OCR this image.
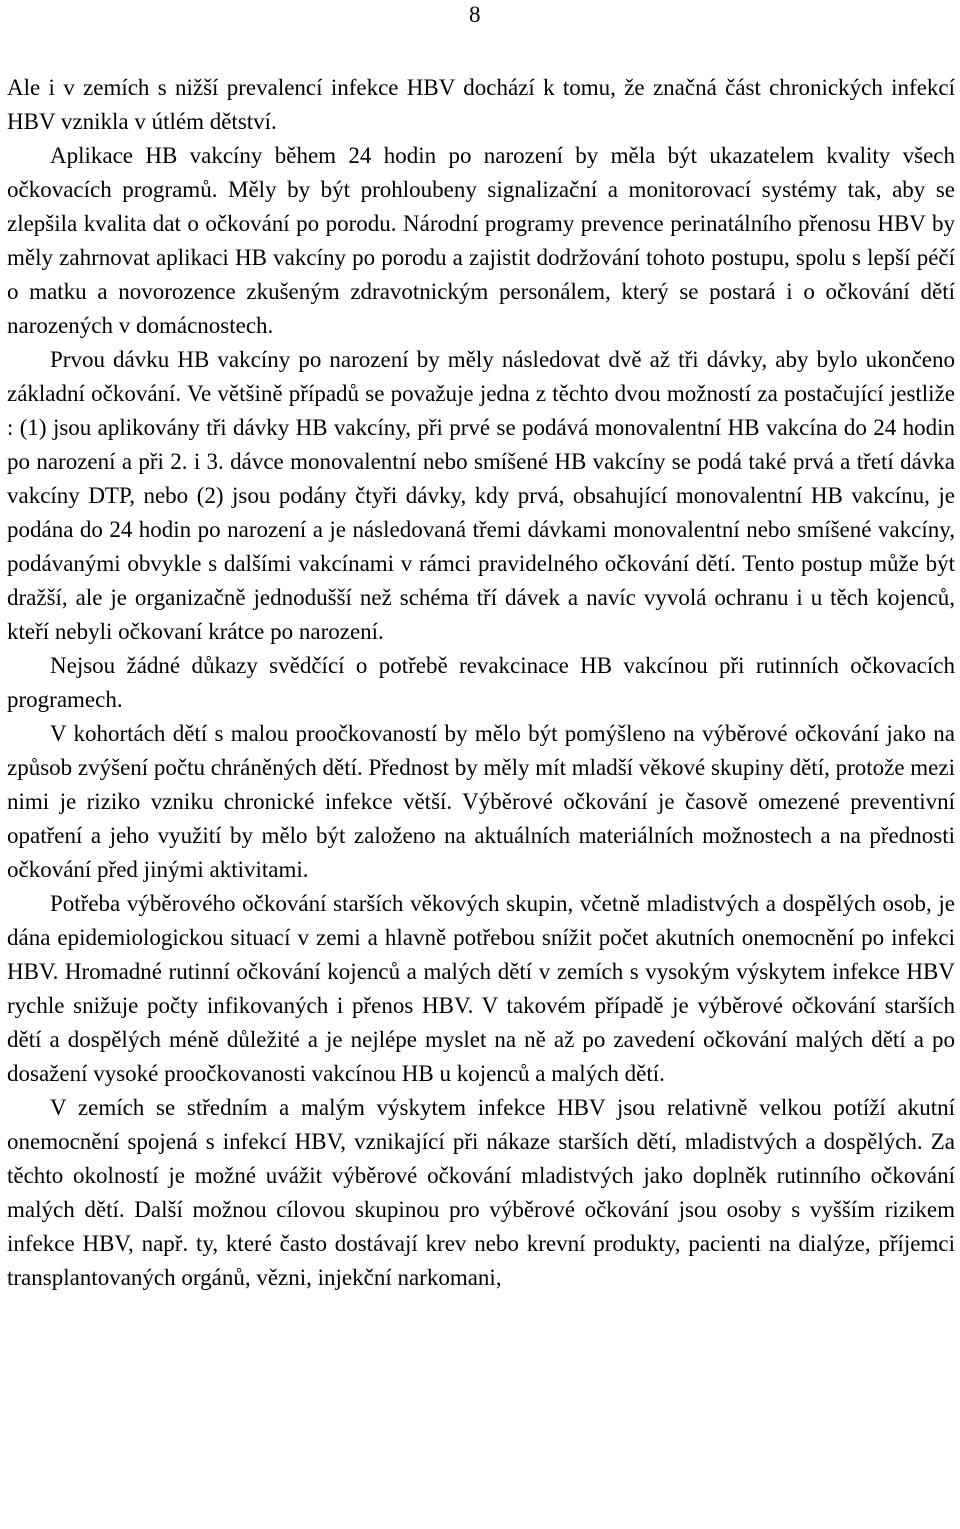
8

Ale i v zemích s nižší prevalencí infekce HBV dochází k tomu, že značná část chronických infekcí HBV vznikla v útlém dětství.

Aplikace HB vakcíny během 24 hodin po narození by měla být ukazatelem kvality všech očkovacích programů. Měly by být prohloubeny signalizační a monitorovací systémy tak, aby se zlepšila kvalita dat o očkování po porodu. Národní programy prevence perinatálního přenosu HBV by měly zahrnovat aplikaci HB vakcíny po porodu a zajistit dodržování tohoto postupu, spolu s lepší péčí o matku a novorozence zkušeným zdravotnickým personálem, který se postará i o očkování dětí narozených v domácnostech.

Prvou dávku HB vakcíny po narození by měly následovat dvě až tři dávky, aby bylo ukončeno základní očkování. Ve většině případů se považuje jedna z těchto dvou možností za postačující jestliže : (1) jsou aplikovány tři dávky HB vakcíny, při prvé se podává monovalentní HB vakcína do 24 hodin po narození a při 2. i 3. dávce monovalentní nebo smíšené HB vakcíny se podá také prvá a třetí dávka vakcíny DTP, nebo (2) jsou podány čtyři dávky, kdy prvá, obsahující monovalentní HB vakcínu, je podána do 24 hodin po narození a je následovaná třemi dávkami monovalentní nebo smíšené vakcíny, podávanými obvykle s dalšími vakcínami v rámci pravidelného očkování dětí. Tento postup může být dražší, ale je organizačně jednodušší než schéma tří dávek a navíc vyvolá ochranu i u těch kojenců, kteří nebyli očkovaní krátce po narození.

Nejsou žádné důkazy svědčící o potřebě revakcinace HB vakcínou při rutinních očkovacích programech.

V kohortách dětí s malou proočkovaností by mělo být pomýšleno na výběrové očkování jako na způsob zvýšení počtu chráněných dětí. Přednost by měly mít mladší věkové skupiny dětí, protože mezi nimi je riziko vzniku chronické infekce větší. Výběrové očkování je časově omezené preventivní opatření a jeho využití by mělo být založeno na aktuálních materiálních možnostech a na přednosti očkování před jinými aktivitami.

Potřeba výběrového očkování starších věkových skupin, včetně mladistvých a dospělých osob, je dána epidemiologickou situací v zemi a hlavně potřebou snížit počet akutních onemocnění po infekci HBV. Hromadné rutinní očkování kojenců a malých dětí v zemích s vysokým výskytem infekce HBV rychle snižuje počty infikovaných i přenos HBV. V takovém případě je výběrové očkování starších dětí a dospělých méně důležité a je nejlépe myslet na ně až po zavedení očkování malých dětí a po dosažení vysoké proočkovanosti vakcínou HB u kojenců a malých dětí.

V zemích se středním a malým výskytem infekce HBV jsou relativně velkou potíží akutní onemocnění spojená s infekcí HBV, vznikající při nákaze starších dětí, mladistvých a dospělých. Za těchto okolností je možné uvážit výběrové očkování mladistvých jako doplněk rutinního očkování malých dětí. Další možnou cílovou skupinou pro výběrové očkování jsou osoby s vyšším rizikem infekce HBV, např. ty, které často dostávají krev nebo krevní produkty, pacienti na dialýze, příjemci transplantovaných orgánů, vězni, injekční narkomani,
